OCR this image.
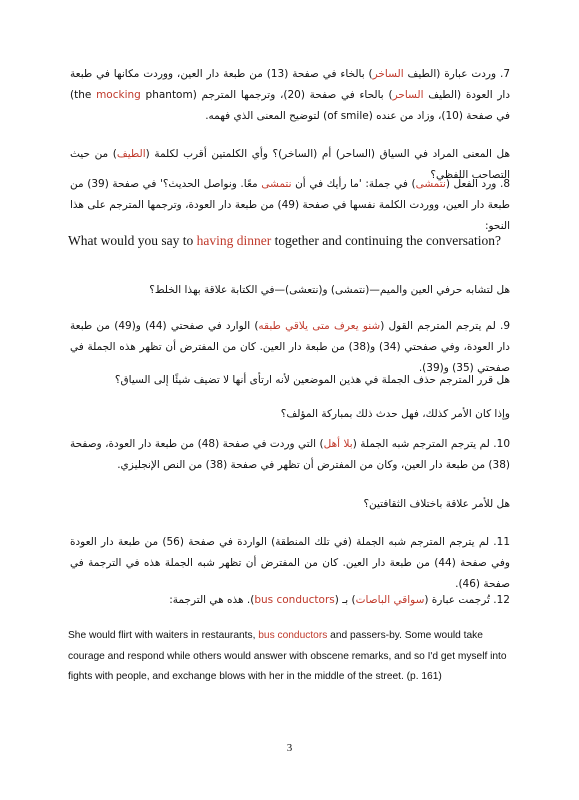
7. وردت عبارة (الطيف الساخر) بالخاء في صفحة (13) من طبعة دار العين، ووردت مكانها في طبعة دار العودة (الطيف الساحر) بالحاء في صفحة (20)، وترجمها المترجم (the mocking phantom) في صفحة (10)، وزاد من عنده (of smile) لتوضيح المعنى الذي فهمه.
هل المعنى المراد في السياق (الساحر) أم (الساخر)؟ وأي الكلمتين أقرب لكلمة (الطيف) من حيث التصاحب اللفظي؟
8. ورد الفعل (نتمشى) في جملة: 'ما رأيك في أن نتمشى معًا. ونواصل الحديث؟' في صفحة (39) من طبعة دار العين، ووردت الكلمة نفسها في صفحة (49) من طبعة دار العودة، وترجمها المترجم على هذا النحو:
What would you say to having dinner together and continuing the conversation?
هل لتشابه حرفي العين والميم—(نتمشى) و(نتعشى)—في الكتابة علاقة بهذا الخلط؟
9. لم يترجم المترجم القول (شنو يعرف متى يلاقي طبقه) الوارد في صفحتي (44) و(49) من طبعة دار العودة، وفي صفحتي (34) و(38) من طبعة دار العين. كان من المفترض أن تظهر هذه الجملة في صفحتي (35) و(39).
هل قرر المترجم حذف الجملة في هذين الموضعين لأنه ارتأى أنها لا تضيف شيئًا إلى السياق؟
وإذا كان الأمر كذلك، فهل حدث ذلك بمباركة المؤلف؟
10. لم يترجم المترجم شبه الجملة (بلا أهل) التي وردت في صفحة (48) من طبعة دار العودة، وصفحة (38) من طبعة دار العين، وكان من المفترض أن تظهر في صفحة (38) من النص الإنجليزي.
هل للأمر علاقة باختلاف الثقافتين؟
11. لم يترجم المترجم شبه الجملة (في تلك المنطقة) الواردة في صفحة (56) من طبعة دار العودة وفي صفحة (44) من طبعة دار العين. كان من المفترض أن تظهر شبه الجملة هذه في الترجمة في صفحة (46).
12. تُرجمت عبارة (سواقي الباصات) بـ (bus conductors). هذه هي الترجمة:
She would flirt with waiters in restaurants, bus conductors and passers-by. Some would take courage and respond while others would answer with obscene remarks, and so I'd get myself into fights with people, and exchange blows with her in the middle of the street. (p. 161)
3
